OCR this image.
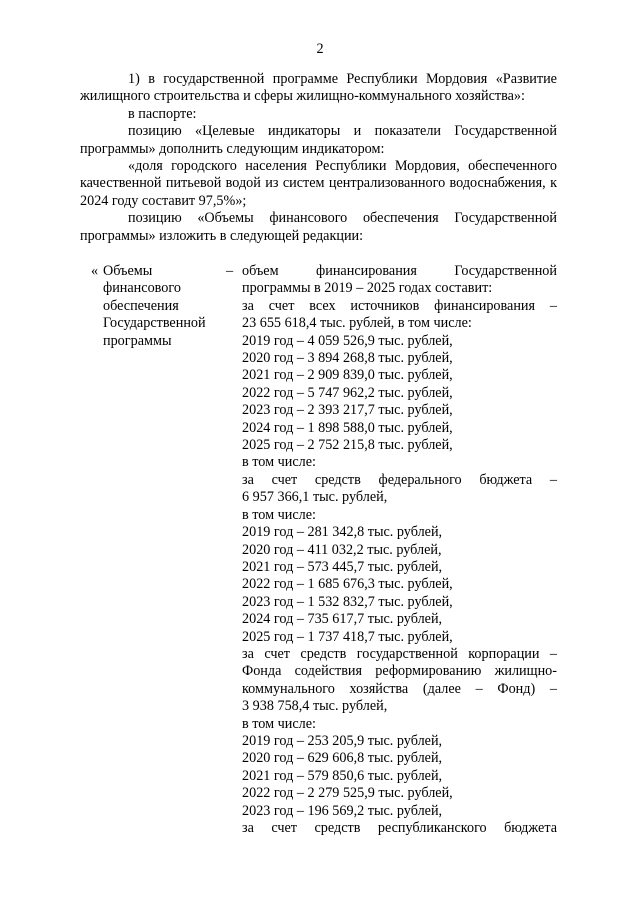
2

1) в государственной программе Республики Мордовия «Развитие жилищного строительства и сферы жилищно-коммунального хозяйства»:

в паспорте:

позицию «Целевые индикаторы и показатели Государственной программы» дополнить следующим индикатором:

«доля городского населения Республики Мордовия, обеспеченного качественной питьевой водой из систем централизованного водоснабжения, к 2024 году составит 97,5%»;

позицию «Объемы финансового обеспечения Государственной программы» изложить в следующей редакции:

« Объемы
финансового
обеспечения
Государственной
программы
– объем финансирования Государственной
программы в 2019 – 2025 годах составит:
за счет всех источников финансирования –
23 655 618,4 тыс. рублей, в том числе:
2019 год – 4 059 526,9 тыс. рублей,
2020 год – 3 894 268,8 тыс. рублей,
2021 год – 2 909 839,0 тыс. рублей,
2022 год – 5 747 962,2 тыс. рублей,
2023 год – 2 393 217,7 тыс. рублей,
2024 год – 1 898 588,0 тыс. рублей,
2025 год – 2 752 215,8 тыс. рублей,
в том числе:
за счет средств федерального бюджета –
6 957 366,1 тыс. рублей,
в том числе:
2019 год – 281 342,8 тыс. рублей,
2020 год – 411 032,2 тыс. рублей,
2021 год – 573 445,7 тыс. рублей,
2022 год – 1 685 676,3 тыс. рублей,
2023 год – 1 532 832,7 тыс. рублей,
2024 год – 735 617,7 тыс. рублей,
2025 год – 1 737 418,7 тыс. рублей,
за счет средств государственной корпорации –
Фонда содействия реформированию жилищно-
коммунального хозяйства (далее – Фонд) –
3 938 758,4 тыс. рублей,
в том числе:
2019 год – 253 205,9 тыс. рублей,
2020 год – 629 606,8 тыс. рублей,
2021 год – 579 850,6 тыс. рублей,
2022 год – 2 279 525,9 тыс. рублей,
2023 год – 196 569,2 тыс. рублей,
за счет средств республиканского бюджета
